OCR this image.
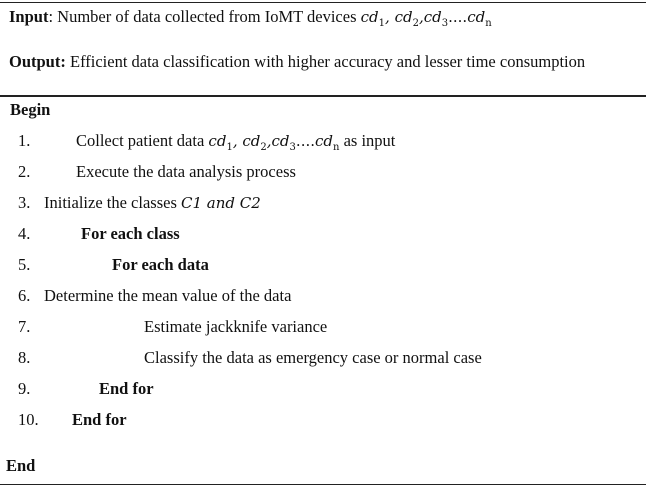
Input: Number of data collected from IoMT devices $cd_1$, $cd_2,cd_3....cd_n$
Output: Efficient data classification with higher accuracy and lesser time consumption
Begin
1.	Collect patient data $cd_1$, $cd_2,cd_3....cd_n$ as input
2.	Execute the data analysis process
3. Initialize the classes C1 and C2
4.	For each class
5.	For each data
6. Determine the mean value of the data
7.	Estimate jackknife variance
8.	Classify the data as emergency case or normal case
9.	End for
10. End for
End
